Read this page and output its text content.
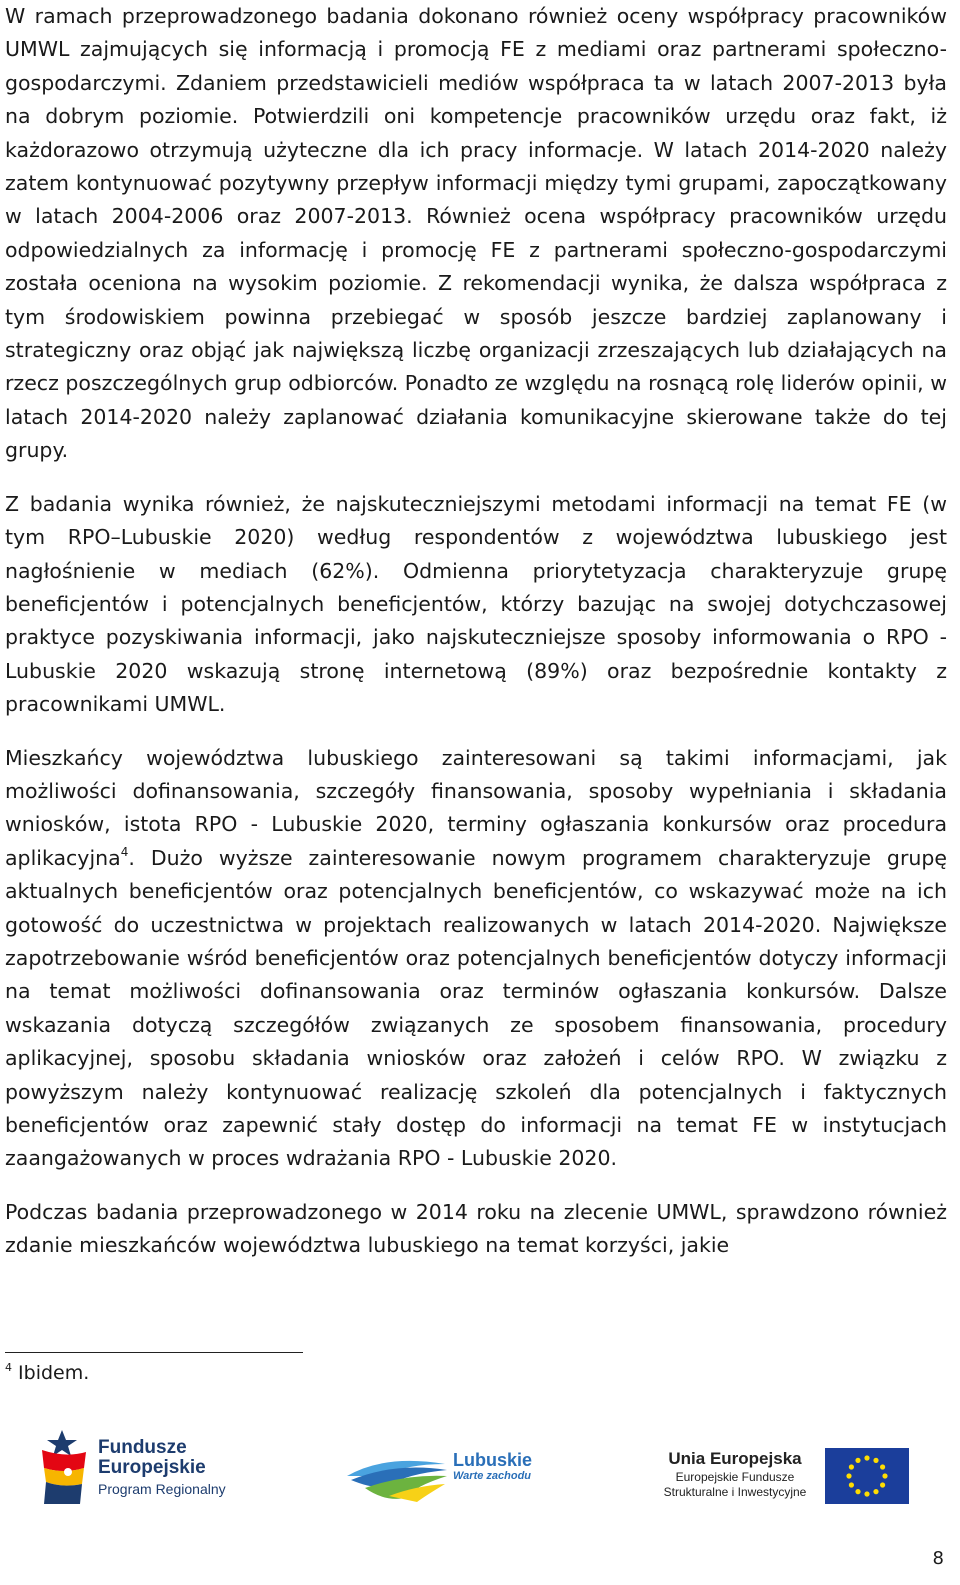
W ramach przeprowadzonego badania dokonano również oceny współpracy pracowników UMWL zajmujących się informacją i promocją FE z mediami oraz partnerami społeczno-gospodarczymi. Zdaniem przedstawicieli mediów współpraca ta w latach 2007-2013 była na dobrym poziomie. Potwierdzili oni kompetencje pracowników urzędu oraz fakt, iż każdorazowo otrzymują użyteczne dla ich pracy informacje. W latach 2014-2020 należy zatem kontynuować pozytywny przepływ informacji między tymi grupami, zapoczątkowany w latach 2004-2006 oraz 2007-2013. Również ocena współpracy pracowników urzędu odpowiedzialnych za informację i promocję FE z partnerami społeczno-gospodarczymi została oceniona na wysokim poziomie. Z rekomendacji wynika, że dalsza współpraca z tym środowiskiem powinna przebiegać w sposób jeszcze bardziej zaplanowany i strategiczny oraz objąć jak największą liczbę organizacji zrzeszających lub działających na rzecz poszczególnych grup odbiorców. Ponadto ze względu na rosnącą rolę liderów opinii, w latach 2014-2020 należy zaplanować działania komunikacyjne skierowane także do tej grupy.

Z badania wynika również, że najskuteczniejszymi metodami informacji na temat FE (w tym RPO–Lubuskie 2020) według respondentów z województwa lubuskiego jest nagłośnienie w mediach (62%). Odmienna priorytetyzacja charakteryzuje grupę beneficjentów i potencjalnych beneficjentów, którzy bazując na swojej dotychczasowej praktyce pozyskiwania informacji, jako najskuteczniejsze sposoby informowania o RPO - Lubuskie 2020 wskazują stronę internetową (89%) oraz bezpośrednie kontakty z pracownikami UMWL.

Mieszkańcy województwa lubuskiego zainteresowani są takimi informacjami, jak możliwości dofinansowania, szczegóły finansowania, sposoby wypełniania i składania wniosków, istota RPO - Lubuskie 2020, terminy ogłaszania konkursów oraz procedura aplikacyjna$^4$. Dużo wyższe zainteresowanie nowym programem charakteryzuje grupę aktualnych beneficjentów oraz potencjalnych beneficjentów, co wskazywać może na ich gotowość do uczestnictwa w projektach realizowanych w latach 2014-2020. Największe zapotrzebowanie wśród beneficjentów oraz potencjalnych beneficjentów dotyczy informacji na temat możliwości dofinansowania oraz terminów ogłaszania konkursów. Dalsze wskazania dotyczą szczegółów związanych ze sposobem finansowania, procedury aplikacyjnej, sposobu składania wniosków oraz założeń i celów RPO. W związku z powyższym należy kontynuować realizację szkoleń dla potencjalnych i faktycznych beneficjentów oraz zapewnić stały dostęp do informacji na temat FE w instytucjach zaangażowanych w proces wdrażania RPO - Lubuskie 2020.

Podczas badania przeprowadzonego w 2014 roku na zlecenie UMWL, sprawdzono również zdanie mieszkańców województwa lubuskiego na temat korzyści, jakie

$^4$ Ibidem.
Fundusze
Europejskie
Program Regionalny
Lubuskie
Warte zachodu
Unia Europejska
Europejskie Fundusze
Strukturalne i Inwestycyjne
8
